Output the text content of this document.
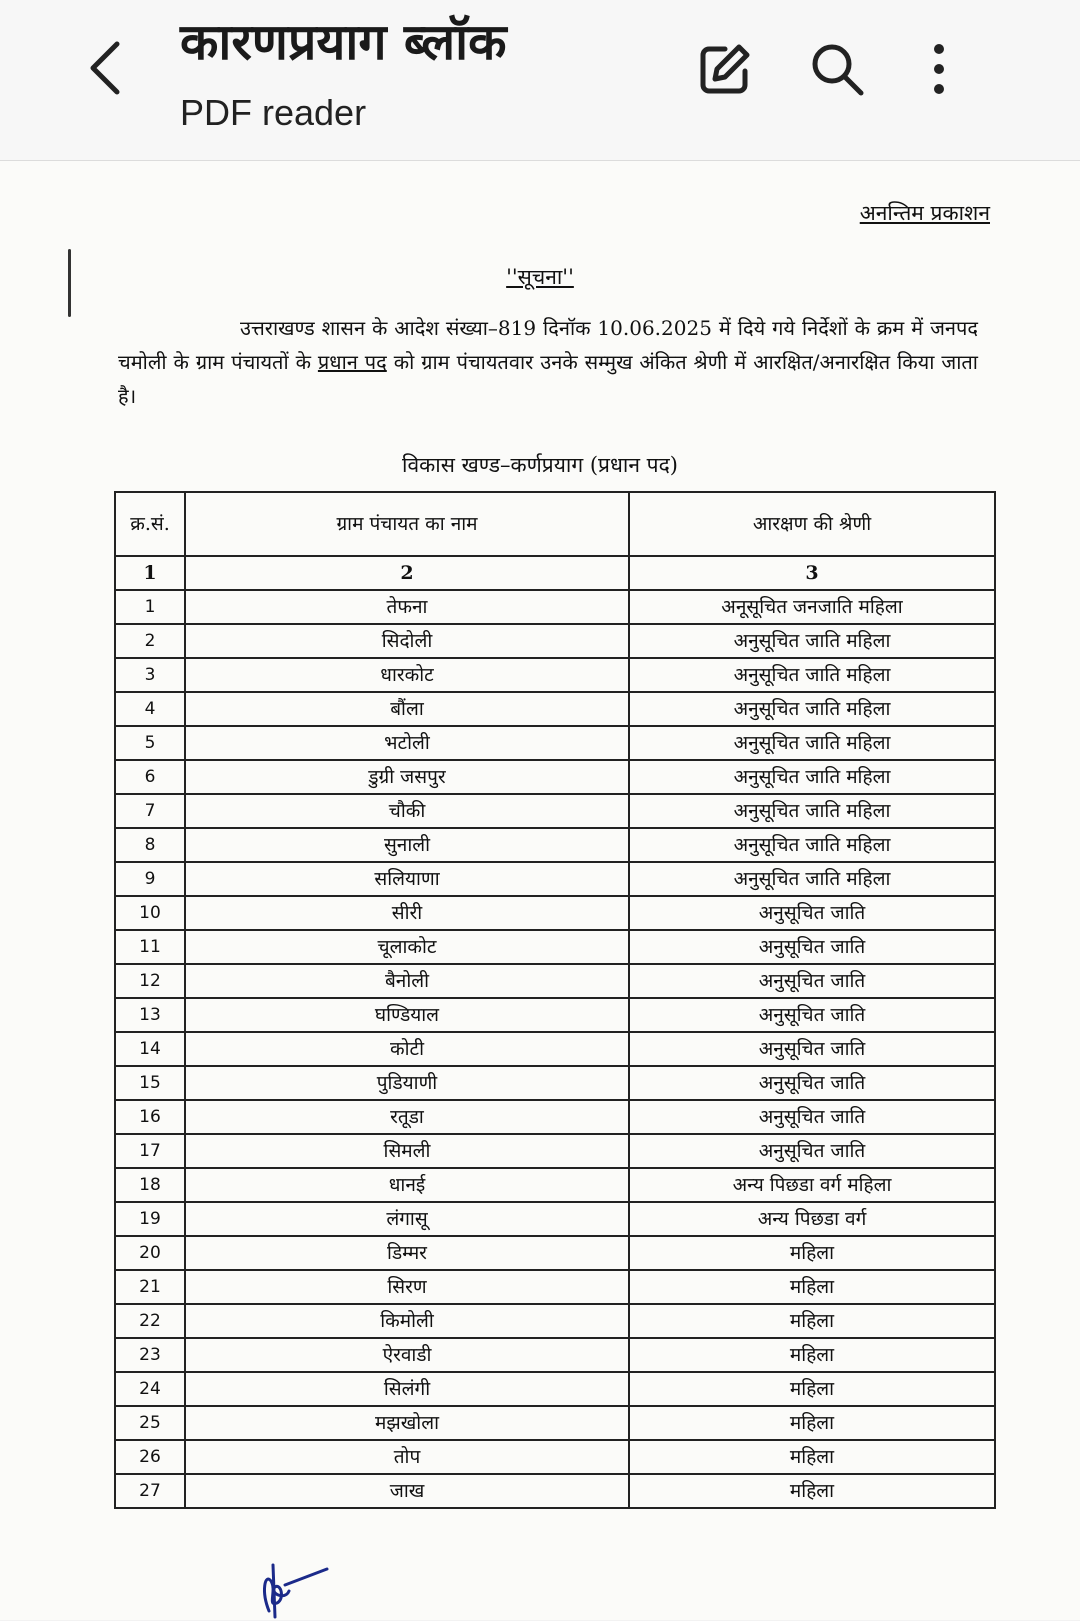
कारणप्रयाग ब्लॉक
PDF reader
अनन्तिम प्रकाशन
''सूचना''
उत्तराखण्ड शासन के आदेश संख्या–819 दिनॉक 10.06.2025 में दिये गये निर्देशों के क्रम में जनपद चमोली के ग्राम पंचायतों के प्रधान पद को ग्राम पंचायतवार उनके सम्मुख अंकित श्रेणी में आरक्षित/अनारक्षित किया जाता है।
विकास खण्ड–कर्णप्रयाग (प्रधान पद)
क्र.सं.	ग्राम पंचायत का नाम	आरक्षण की श्रेणी
1	2	3
1	तेफना	अनूसूचित जनजाति महिला
2	सिदोली	अनुसूचित जाति महिला
3	धारकोट	अनुसूचित जाति महिला
4	बौंला	अनुसूचित जाति महिला
5	भटोली	अनुसूचित जाति महिला
6	डुग्री जसपुर	अनुसूचित जाति महिला
7	चौकी	अनुसूचित जाति महिला
8	सुनाली	अनुसूचित जाति महिला
9	सलियाणा	अनुसूचित जाति महिला
10	सीरी	अनुसूचित जाति
11	चूलाकोट	अनुसूचित जाति
12	बैनोली	अनुसूचित जाति
13	घण्डियाल	अनुसूचित जाति
14	कोटी	अनुसूचित जाति
15	पुडियाणी	अनुसूचित जाति
16	रतूडा	अनुसूचित जाति
17	सिमली	अनुसूचित जाति
18	धानई	अन्य पिछडा वर्ग महिला
19	लंगासू	अन्य पिछडा वर्ग
20	डिम्मर	महिला
21	सिरण	महिला
22	किमोली	महिला
23	ऐरवाडी	महिला
24	सिलंगी	महिला
25	मझखोला	महिला
26	तोप	महिला
27	जाख	महिला
